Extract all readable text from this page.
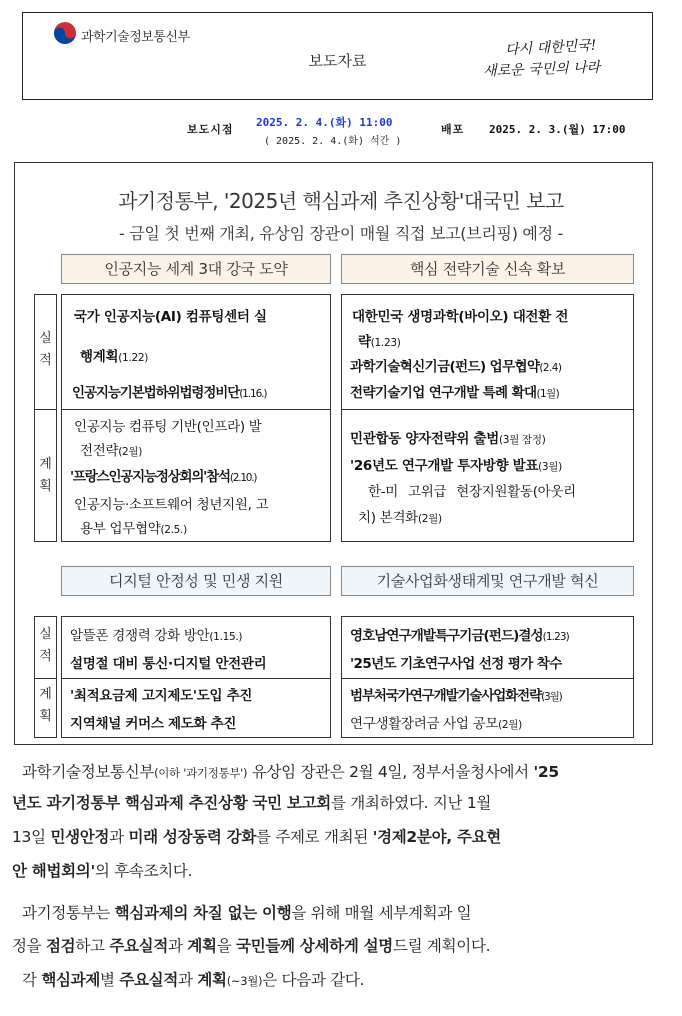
과학기술정보통신부
보도자료
다시 대한민국!
새로운 국민의 나라
보도시점
2025. 2. 4.(화) 11:00
( 2025. 2. 4.(화) 석간 )
배포 2025. 2. 3.(월) 17:00
과기정통부, '2025년 핵심과제 추진상황'대국민 보고
- 금일 첫 번째 개최, 유상임 장관이 매월 직접 보고(브리핑) 예정 -
인공지능 세계 3대 강국 도약	핵심 전략기술 신속 확보
실
적
계
획
국가 인공지능(AI) 컴퓨팅센터 실
행계획(1.22)
인공지능기본법하위법령정비단(1.16.)
인공지능 컴퓨팅 기반(인프라) 발
전전략(2월)
'프랑스인공지능정상회의'참석(2.10.)
인공지능·소프트웨어 청년지원, 고
용부 업무협약(2.5.)
대한민국 생명과학(바이오) 대전환 전
략(1.23)
과학기술혁신기금(펀드) 업무협약(2.4)
전략기술기업 연구개발 특례 확대(1월)
민관합동 양자전략위 출범(3월 잠정)
'26년도 연구개발 투자방향 발표(3월)
한-미 고위급 현장지원활동(아웃리
치) 본격화(2월)
디지털 안정성 및 민생 지원	기술사업화생태계및 연구개발 혁신
실
적
계
획
알뜰폰 경쟁력 강화 방안(1.15.)
설명절 대비 통신·디지털 안전관리
'최적요금제 고지제도'도입 추진
지역채널 커머스 제도화 추진
영호남연구개발특구기금(펀드)결성(1.23)
'25년도 기초연구사업 선정 평가 착수
범부처국가연구개발기술사업화전략(3월)
연구생활장려금 사업 공모(2월)
과학기술정보통신부(이하 '과기정통부') 유상임 장관은 2월 4일, 정부서울청사에서 '25
년도 과기정통부 핵심과제 추진상황 국민 보고회를 개최하였다. 지난 1월
13일 민생안정과 미래 성장동력 강화를 주제로 개최된 '경제2분야, 주요현
안 해법회의'의 후속조치다.
과기정통부는 핵심과제의 차질 없는 이행을 위해 매월 세부계획과 일
정을 점검하고 주요실적과 계획을 국민들께 상세하게 설명드릴 계획이다.
각 핵심과제별 주요실적과 계획(~3월)은 다음과 같다.
